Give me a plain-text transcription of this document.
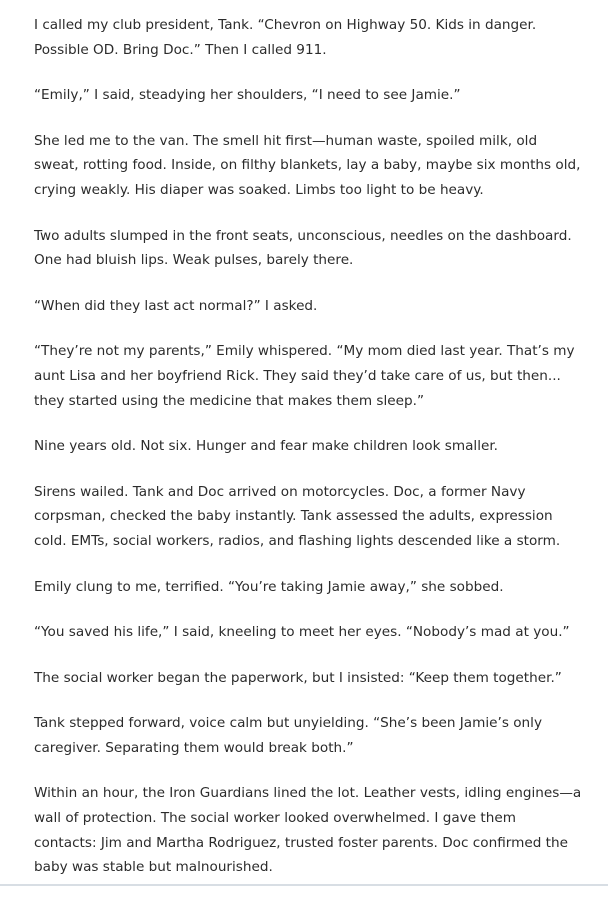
I called my club president, Tank. “Chevron on Highway 50. Kids in danger. Possible OD. Bring Doc.” Then I called 911.

“Emily,” I said, steadying her shoulders, “I need to see Jamie.”

She led me to the van. The smell hit first—human waste, spoiled milk, old sweat, rotting food. Inside, on filthy blankets, lay a baby, maybe six months old, crying weakly. His diaper was soaked. Limbs too light to be heavy.

Two adults slumped in the front seats, unconscious, needles on the dashboard. One had bluish lips. Weak pulses, barely there.

“When did they last act normal?” I asked.

“They’re not my parents,” Emily whispered. “My mom died last year. That’s my aunt Lisa and her boyfriend Rick. They said they’d take care of us, but then... they started using the medicine that makes them sleep.”

Nine years old. Not six. Hunger and fear make children look smaller.

Sirens wailed. Tank and Doc arrived on motorcycles. Doc, a former Navy corpsman, checked the baby instantly. Tank assessed the adults, expression cold. EMTs, social workers, radios, and flashing lights descended like a storm.

Emily clung to me, terrified. “You’re taking Jamie away,” she sobbed.

“You saved his life,” I said, kneeling to meet her eyes. “Nobody’s mad at you.”

The social worker began the paperwork, but I insisted: “Keep them together.”

Tank stepped forward, voice calm but unyielding. “She’s been Jamie’s only caregiver. Separating them would break both.”

Within an hour, the Iron Guardians lined the lot. Leather vests, idling engines—a wall of protection. The social worker looked overwhelmed. I gave them contacts: Jim and Martha Rodriguez, trusted foster parents. Doc confirmed the baby was stable but malnourished.
